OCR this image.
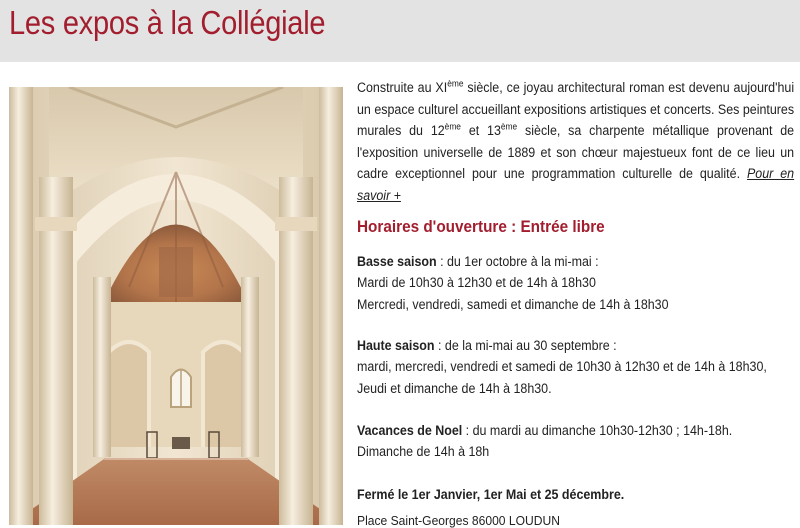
Les expos à la Collégiale

Construite au XIème siècle, ce joyau architectural roman est devenu aujourd'hui un espace culturel accueillant expositions artistiques et concerts. Ses peintures murales du 12ème et 13ème siècle, sa charpente métallique provenant de l'exposition universelle de 1889 et son chœur majestueux font de ce lieu un cadre exceptionnel pour une programmation culturelle de qualité. Pour en savoir +

Horaires d'ouverture : Entrée libre
Basse saison : du 1er octobre à la mi-mai :
Mardi de 10h30 à 12h30 et de 14h à 18h30
Mercredi, vendredi, samedi et dimanche de 14h à 18h30
Haute saison : de la mi-mai au 30 septembre :
mardi, mercredi, vendredi et samedi de 10h30 à 12h30 et de 14h à 18h30,
Jeudi et dimanche de 14h à 18h30.
Vacances de Noel : du mardi au dimanche 10h30-12h30 ; 14h-18h.
Dimanche de 14h à 18h
Fermé le 1er Janvier, 1er Mai et 25 décembre.
Place Saint-Georges 86000 LOUDUN
